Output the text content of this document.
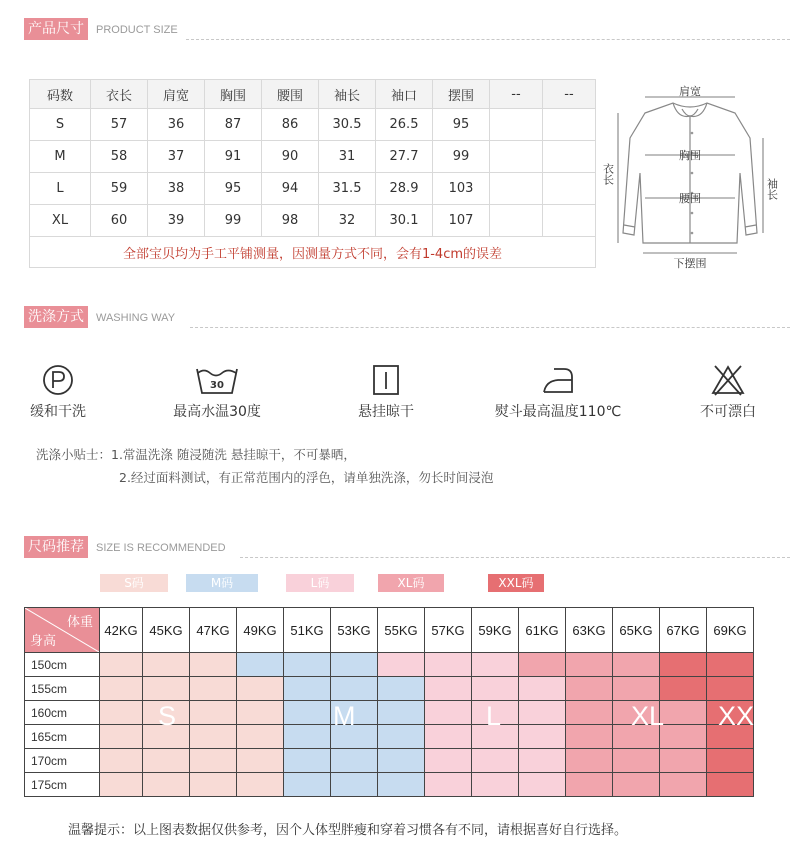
产品尺寸	PRODUCT SIZE
码数	衣长	肩宽	胸围	腰围	袖长	袖口	摆围	--	--
S	57	36	87	86	30.5	26.5	95		
M	58	37	91	90	31	27.7	99		
L	59	38	95	94	31.5	28.9	103		
XL	60	39	99	98	32	30.1	107		
全部宝贝均为手工平铺测量，因测量方式不同，会有1-4cm的误差									
肩宽
胸围
腰围
下摆围
衣长
袖长
洗涤方式	WASHING WAY
缓和干洗
30
最高水温30度	悬挂晾干	熨斗最高温度110℃	不可漂白
洗涤小贴士：1.常温洗涤 随浸随洗 悬挂晾干，不可暴晒，
2.经过面料测试，有正常范围内的浮色，请单独洗涤，勿长时间浸泡
尺码推荐	SIZE IS RECOMMENDED
S码	M码	L码	XL码	XXL码
体重
身高	42KG	45KG	47KG	49KG	51KG	53KG	55KG	57KG	59KG	61KG	63KG	65KG	67KG	69KG
150cm														
155cm														
160cm														
165cm														
170cm														
175cm														
S	M	L	XL XXL
温馨提示：以上图表数据仅供参考，因个人体型胖瘦和穿着习惯各有不同，请根据喜好自行选择。
